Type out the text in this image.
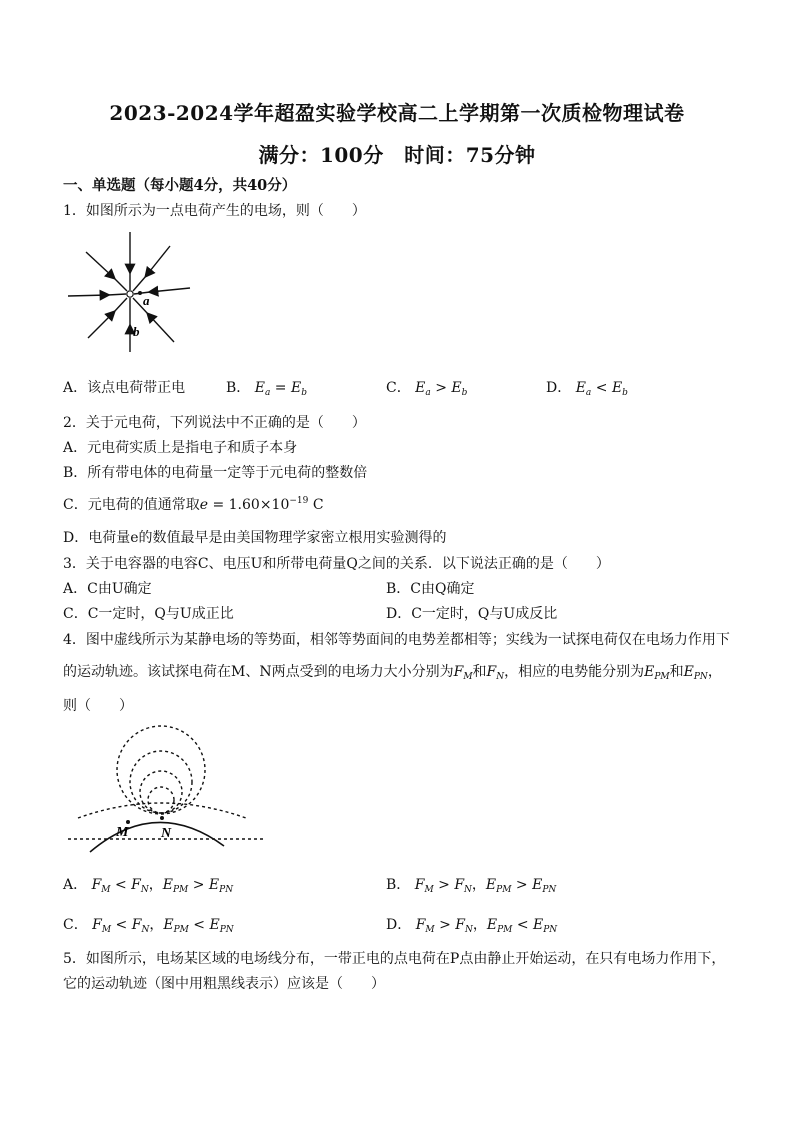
2023-2024学年超盈实验学校高二上学期第一次质检物理试卷
满分：100分　时间：75分钟
一、单选题（每小题4分，共40分）
1．如图所示为一点电荷产生的电场，则（　　）
a
b
A．该点电荷带正电	B． $E_a = E_b$	C． $E_a > E_b$	D． $E_a < E_b$
2．关于元电荷，下列说法中不正确的是（　　）
A．元电荷实质上是指电子和质子本身
B．所有带电体的电荷量一定等于元电荷的整数倍
C．元电荷的值通常取$e = 1.60\times 10^{-19}$ C
D．电荷量e的数值最早是由美国物理学家密立根用实验测得的
3．关于电容器的电容C、电压U和所带电荷量Q之间的关系．以下说法正确的是（　　）
A．C由U确定	B．C由Q确定
C．C一定时，Q与U成正比	D．C一定时，Q与U成反比
4．图中虚线所示为某静电场的等势面，相邻等势面间的电势差都相等；实线为一试探电荷仅在电场力作用下
的运动轨迹。该试探电荷在M、N两点受到的电场力大小分别为$F_M$和$F_N$，相应的电势能分别为$E_{PM}$和$E_{PN}$，
则（　　）
M N
A． $F_M < F_N$，$E_{PM} > E_{PN}$	B． $F_M > F_N$，$E_{PM} > E_{PN}$
C． $F_M < F_N$，$E_{PM} < E_{PN}$	D． $F_M > F_N$，$E_{PM} < E_{PN}$
5．如图所示，电场某区域的电场线分布，一带正电的点电荷在P点由静止开始运动，在只有电场力作用下，
它的运动轨迹（图中用粗黑线表示）应该是（　　）
